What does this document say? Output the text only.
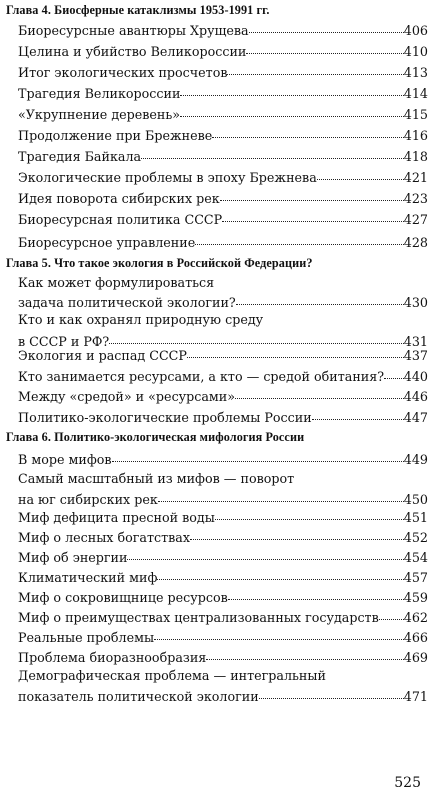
Глава 4. Биосферные катаклизмы 1953-1991 гг.
Биоресурсные авантюры Хрущева	406
Целина и убийство Великороссии	410
Итог экологических просчетов	413
Трагедия Великороссии	414
«Укрупнение деревень»	415
Продолжение при Брежневе	416
Трагедия Байкала	418
Экологические проблемы в эпоху Брежнева	421
Идея поворота сибирских рек	423
Биоресурсная политика СССР	427
Биоресурсное управление	428
Глава 5. Что такое экология в Российской Федерации?
Как может формулироваться
задача политической экологии?	430
Кто и как охранял природную среду
в СССР и РФ?	431
Экология и распад СССР	437
Кто занимается ресурсами, а кто — средой обитания? 440
Между «средой» и «ресурсами»	446
Политико-экологические проблемы России	447
Глава 6. Политико-экологическая мифология России
В море мифов	449
Самый масштабный из мифов — поворот
на юг сибирских рек	450
Миф дефицита пресной воды	451
Миф о лесных богатствах	452
Миф об энергии	454
Климатический миф	457
Миф о сокровищнице ресурсов	459
Миф о преимуществах централизованных государств 462
Реальные проблемы	466
Проблема биоразнообразия	469
Демографическая проблема — интегральный
показатель политической экологии	471
525
